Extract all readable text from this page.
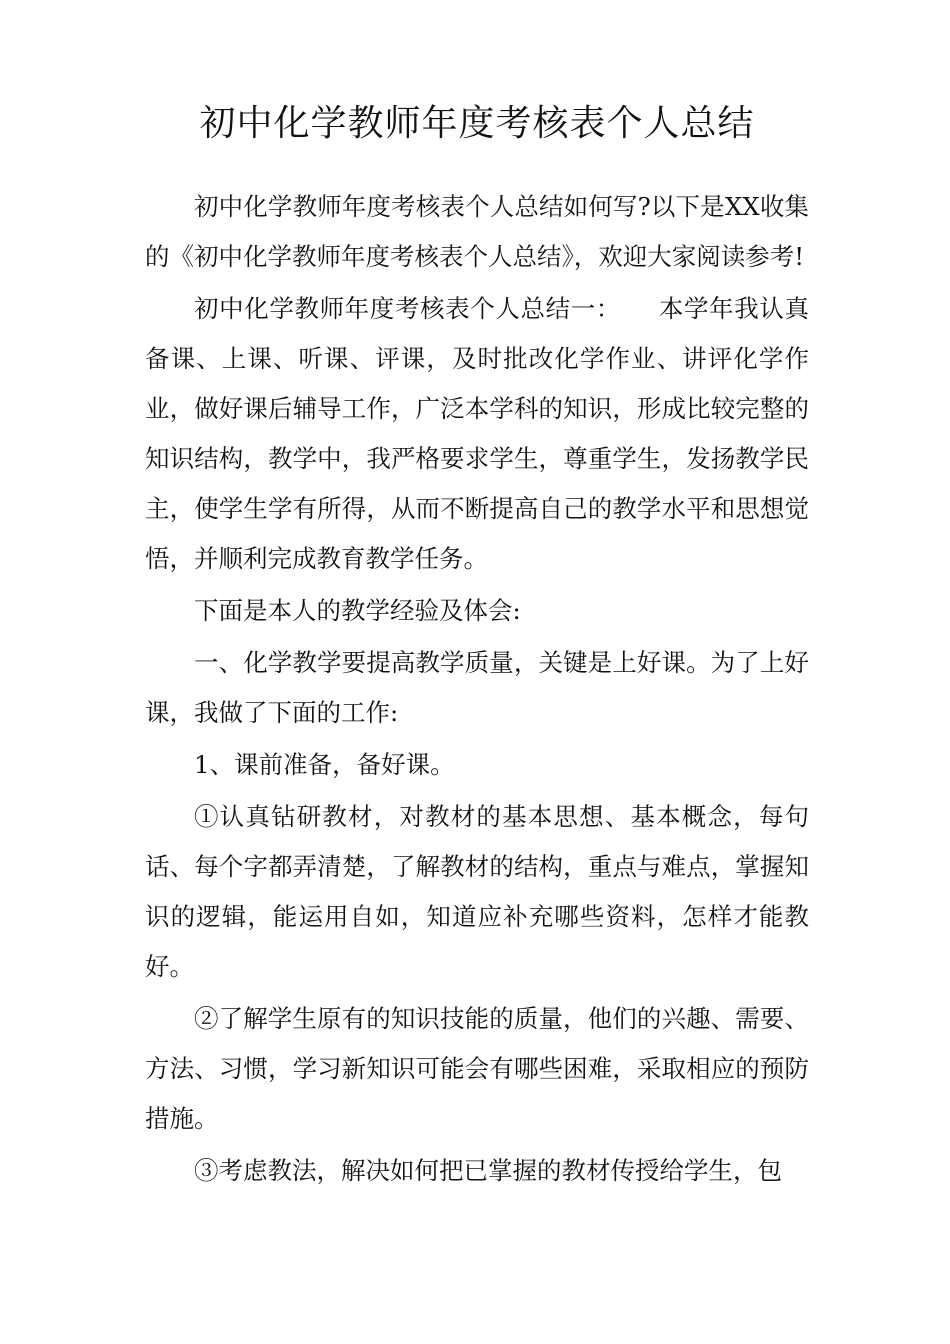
初中化学教师年度考核表个人总结

初中化学教师年度考核表个人总结如何写?以下是XX收集的《初中化学教师年度考核表个人总结》，欢迎大家阅读参考!

初中化学教师年度考核表个人总结一：　　本学年我认真备课、上课、听课、评课，及时批改化学作业、讲评化学作业，做好课后辅导工作，广泛本学科的知识，形成比较完整的知识结构，教学中，我严格要求学生，尊重学生，发扬教学民主，使学生学有所得，从而不断提高自己的教学水平和思想觉悟，并顺利完成教育教学任务。

下面是本人的教学经验及体会:

一、化学教学要提高教学质量，关键是上好课。为了上好课，我做了下面的工作:

1、课前准备，备好课。

①认真钻研教材，对教材的基本思想、基本概念，每句话、每个字都弄清楚，了解教材的结构，重点与难点，掌握知识的逻辑，能运用自如，知道应补充哪些资料，怎样才能教好。

②了解学生原有的知识技能的质量，他们的兴趣、需要、方法、习惯，学习新知识可能会有哪些困难，采取相应的预防措施。

③考虑教法，解决如何把已掌握的教材传授给学生，包
